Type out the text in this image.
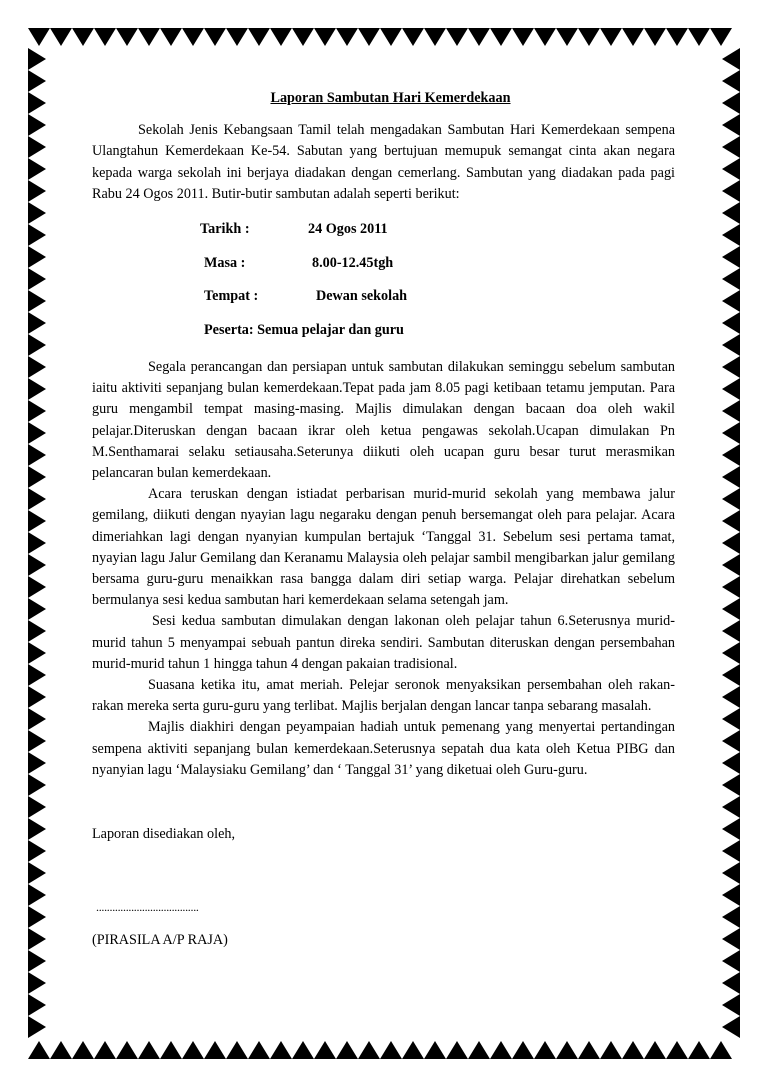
Laporan Sambutan Hari Kemerdekaan

Sekolah Jenis Kebangsaan Tamil telah mengadakan Sambutan Hari Kemerdekaan sempena Ulangtahun Kemerdekaan Ke-54. Sabutan yang bertujuan memupuk semangat cinta akan negara kepada warga sekolah ini berjaya diadakan dengan cemerlang. Sambutan yang diadakan pada pagi Rabu 24 Ogos 2011. Butir-butir sambutan adalah seperti berikut:

Tarikh :	24 Ogos 2011
Masa :	8.00-12.45tgh
Tempat :	Dewan sekolah
Peserta: Semua pelajar dan guru

Segala perancangan dan persiapan untuk sambutan dilakukan seminggu sebelum sambutan iaitu aktiviti sepanjang bulan kemerdekaan.Tepat pada jam 8.05 pagi ketibaan tetamu jemputan. Para guru mengambil tempat masing-masing. Majlis dimulakan dengan bacaan doa oleh wakil pelajar.Diteruskan dengan bacaan ikrar oleh ketua pengawas sekolah.Ucapan dimulakan Pn M.Senthamarai selaku setiausaha.Seterunya diikuti oleh ucapan guru besar turut merasmikan pelancaran bulan kemerdekaan.

Acara teruskan dengan istiadat perbarisan murid-murid sekolah yang membawa jalur gemilang, diikuti dengan nyayian lagu negaraku dengan penuh bersemangat oleh para pelajar. Acara dimeriahkan lagi dengan nyanyian kumpulan bertajuk ‘Tanggal 31. Sebelum sesi pertama tamat, nyayian lagu Jalur Gemilang dan Keranamu Malaysia oleh pelajar sambil mengibarkan jalur gemilang bersama guru-guru menaikkan rasa bangga dalam diri setiap warga. Pelajar direhatkan sebelum bermulanya sesi kedua sambutan hari kemerdekaan selama setengah jam.

Sesi kedua sambutan dimulakan dengan lakonan oleh pelajar tahun 6.Seterusnya murid-murid tahun 5 menyampai sebuah pantun direka sendiri. Sambutan diteruskan dengan persembahan murid-murid tahun 1 hingga tahun 4 dengan pakaian tradisional.

Suasana ketika itu, amat meriah. Pelejar seronok menyaksikan persembahan oleh rakan-rakan mereka serta guru-guru yang terlibat. Majlis berjalan dengan lancar tanpa sebarang masalah.

Majlis diakhiri dengan peyampaian hadiah untuk pemenang yang menyertai pertandingan sempena aktiviti sepanjang bulan kemerdekaan.Seterusnya sepatah dua kata oleh Ketua PIBG dan nyanyian lagu ‘Malaysiaku Gemilang’ dan ‘ Tanggal 31’ yang diketuai oleh Guru-guru.

Laporan disediakan oleh,

......................................
(PIRASILA A/P RAJA)
